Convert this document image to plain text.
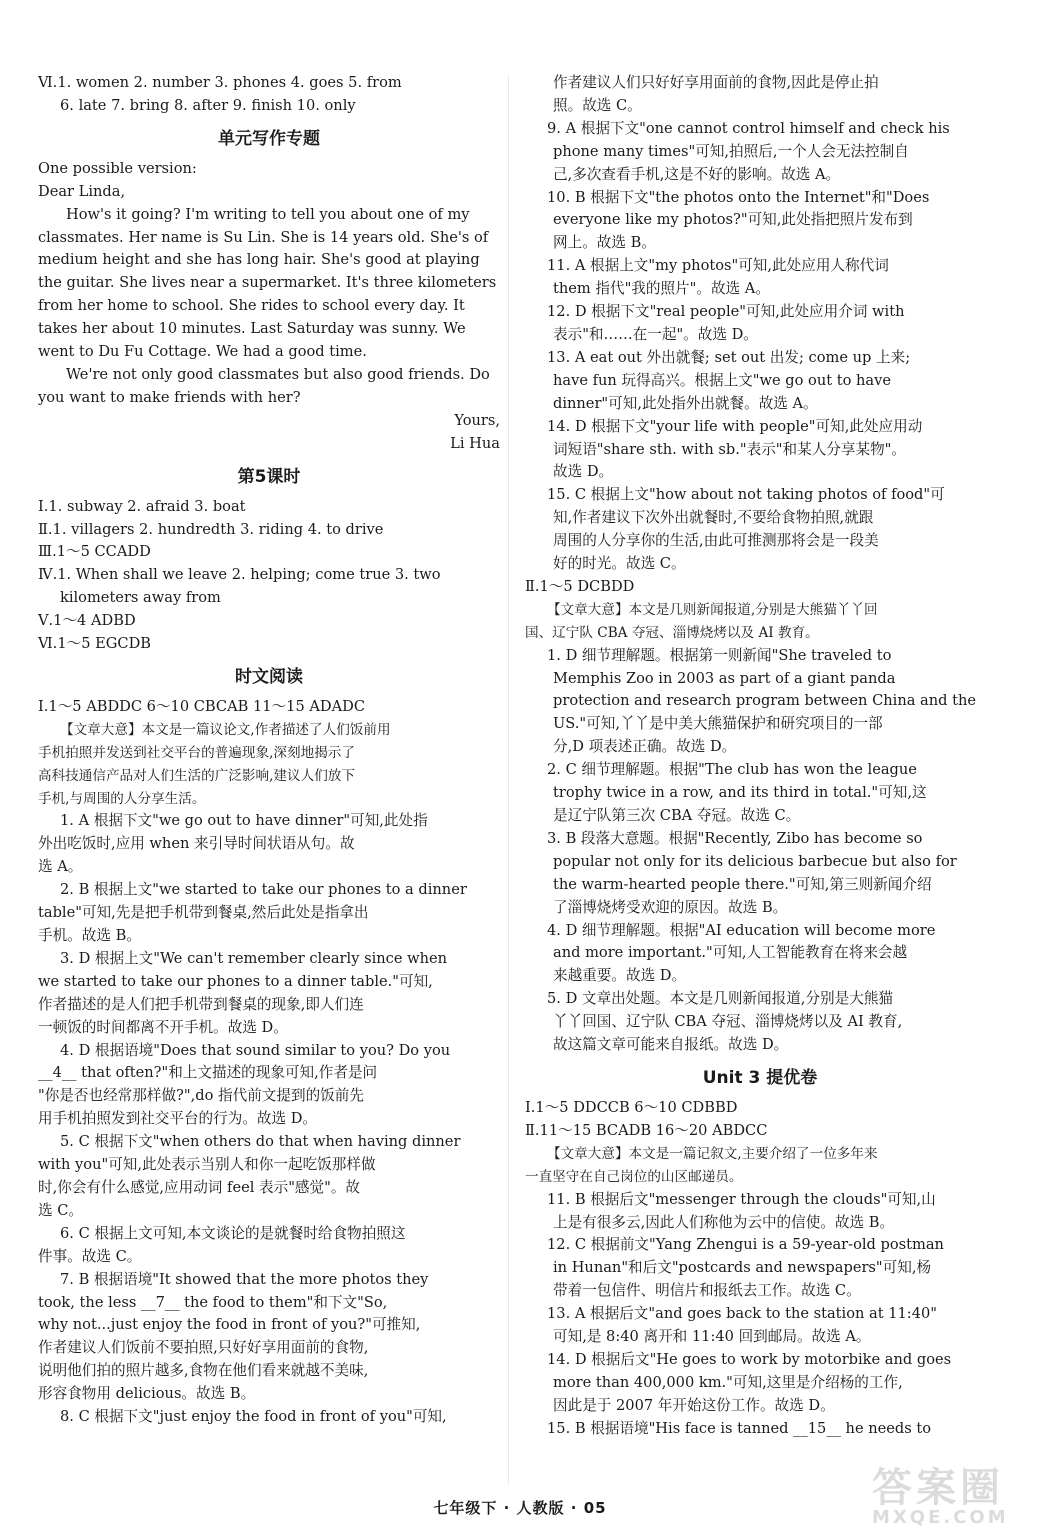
Ⅵ.1. women 2. number 3. phones 4. goes 5. from
6. late 7. bring 8. after 9. finish 10. only
单元写作专题
One possible version:
Dear Linda,
How's it going? I'm writing to tell you about one of my
classmates. Her name is Su Lin. She is 14 years old. She's of
medium height and she has long hair. She's good at playing
the guitar. She lives near a supermarket. It's three kilometers
from her home to school. She rides to school every day. It
takes her about 10 minutes. Last Saturday was sunny. We
went to Du Fu Cottage. We had a good time.
We're not only good classmates but also good friends. Do
you want to make friends with her?
Yours,
Li Hua
第5课时
Ⅰ.1. subway 2. afraid 3. boat
Ⅱ.1. villagers 2. hundredth 3. riding 4. to drive
Ⅲ.1～5 CCADD
Ⅳ.1. When shall we leave 2. helping; come true 3. two
kilometers away from
Ⅴ.1～4 ADBD
Ⅵ.1～5 EGCDB
时文阅读
Ⅰ.1～5 ABDDC 6～10 CBCAB 11～15 ADADC
【文章大意】本文是一篇议论文,作者描述了人们饭前用
手机拍照并发送到社交平台的普遍现象,深刻地揭示了
高科技通信产品对人们生活的广泛影响,建议人们放下
手机,与周围的人分享生活。
1. A 根据下文"we go out to have dinner"可知,此处指
外出吃饭时,应用 when 来引导时间状语从句。故
选 A。
2. B 根据上文"we started to take our phones to a dinner
table"可知,先是把手机带到餐桌,然后此处是指拿出
手机。故选 B。
3. D 根据上文"We can't remember clearly since when
we started to take our phones to a dinner table."可知,
作者描述的是人们把手机带到餐桌的现象,即人们连
一顿饭的时间都离不开手机。故选 D。
4. D 根据语境"Does that sound similar to you? Do you
__4__ that often?"和上文描述的现象可知,作者是问
"你是否也经常那样做?",do 指代前文提到的饭前先
用手机拍照发到社交平台的行为。故选 D。
5. C 根据下文"when others do that when having dinner
with you"可知,此处表示当别人和你一起吃饭那样做
时,你会有什么感觉,应用动词 feel 表示"感觉"。故
选 C。
6. C 根据上文可知,本文谈论的是就餐时给食物拍照这
件事。故选 C。
7. B 根据语境"It showed that the more photos they
took, the less __7__ the food to them"和下文"So,
why not...just enjoy the food in front of you?"可推知,
作者建议人们饭前不要拍照,只好好享用面前的食物,
说明他们拍的照片越多,食物在他们看来就越不美味,
形容食物用 delicious。故选 B。
8. C 根据下文"just enjoy the food in front of you"可知,
作者建议人们只好好享用面前的食物,因此是停止拍
照。故选 C。
9. A 根据下文"one cannot control himself and check his
phone many times"可知,拍照后,一个人会无法控制自
己,多次查看手机,这是不好的影响。故选 A。
10. B 根据下文"the photos onto the Internet"和"Does
everyone like my photos?"可知,此处指把照片发布到
网上。故选 B。
11. A 根据上文"my photos"可知,此处应用人称代词
them 指代"我的照片"。故选 A。
12. D 根据下文"real people"可知,此处应用介词 with
表示"和……在一起"。故选 D。
13. A eat out 外出就餐; set out 出发; come up 上来;
have fun 玩得高兴。根据上文"we go out to have
dinner"可知,此处指外出就餐。故选 A。
14. D 根据下文"your life with people"可知,此处应用动
词短语"share sth. with sb."表示"和某人分享某物"。
故选 D。
15. C 根据上文"how about not taking photos of food"可
知,作者建议下次外出就餐时,不要给食物拍照,就跟
周围的人分享你的生活,由此可推测那将会是一段美
好的时光。故选 C。
Ⅱ.1～5 DCBDD
【文章大意】本文是几则新闻报道,分别是大熊猫丫丫回
国、辽宁队 CBA 夺冠、淄博烧烤以及 AI 教育。
1. D 细节理解题。根据第一则新闻"She traveled to
Memphis Zoo in 2003 as part of a giant panda
protection and research program between China and the
US."可知,丫丫是中美大熊猫保护和研究项目的一部
分,D 项表述正确。故选 D。
2. C 细节理解题。根据"The club has won the league
trophy twice in a row, and its third in total."可知,这
是辽宁队第三次 CBA 夺冠。故选 C。
3. B 段落大意题。根据"Recently, Zibo has become so
popular not only for its delicious barbecue but also for
the warm-hearted people there."可知,第三则新闻介绍
了淄博烧烤受欢迎的原因。故选 B。
4. D 细节理解题。根据"AI education will become more
and more important."可知,人工智能教育在将来会越
来越重要。故选 D。
5. D 文章出处题。本文是几则新闻报道,分别是大熊猫
丫丫回国、辽宁队 CBA 夺冠、淄博烧烤以及 AI 教育,
故这篇文章可能来自报纸。故选 D。
Unit 3 提优卷
Ⅰ.1～5 DDCCB 6～10 CDBBD
Ⅱ.11～15 BCADB 16～20 ABDCC
【文章大意】本文是一篇记叙文,主要介绍了一位多年来
一直坚守在自己岗位的山区邮递员。
11. B 根据后文"messenger through the clouds"可知,山
上是有很多云,因此人们称他为云中的信使。故选 B。
12. C 根据前文"Yang Zhengui is a 59-year-old postman
in Hunan"和后文"postcards and newspapers"可知,杨
带着一包信件、明信片和报纸去工作。故选 C。
13. A 根据后文"and goes back to the station at 11:40"
可知,是 8:40 离开和 11:40 回到邮局。故选 A。
14. D 根据后文"He goes to work by motorbike and goes
more than 400,000 km."可知,这里是介绍杨的工作,
因此是于 2007 年开始这份工作。故选 D。
15. B 根据语境"His face is tanned __15__ he needs to
七年级下 · 人教版 · 05	答案圈
MXQE.COM
